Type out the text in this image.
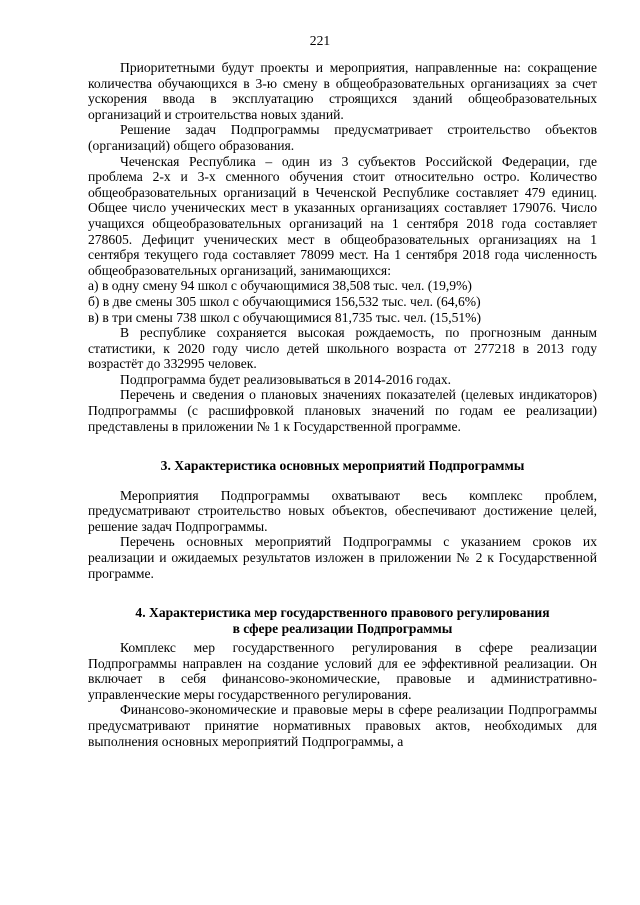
221

Приоритетными будут проекты и мероприятия, направленные на: сокращение количества обучающихся в 3-ю смену в общеобразовательных организациях за счет ускорения ввода в эксплуатацию строящихся зданий общеобразовательных организаций и строительства новых зданий.

Решение задач Подпрограммы предусматривает строительство объектов (организаций) общего образования.

Чеченская Республика – один из 3 субъектов Российской Федерации, где проблема 2-х и 3-х сменного обучения стоит относительно остро. Количество общеобразовательных организаций в Чеченской Республике составляет 479 единиц. Общее число ученических мест в указанных организациях составляет 179076. Число учащихся общеобразовательных организаций на 1 сентября 2018 года составляет 278605. Дефицит ученических мест в общеобразовательных организациях на 1 сентября текущего года составляет 78099 мест. На 1 сентября 2018 года численность общеобразовательных организаций, занимающихся:

а) в одну смену 94 школ с обучающимися 38,508 тыс. чел. (19,9%)

б) в две смены 305 школ с обучающимися 156,532 тыс. чел. (64,6%)

в) в три смены 738 школ с обучающимися 81,735 тыс. чел. (15,51%)

В республике сохраняется высокая рождаемость, по прогнозным данным статистики, к 2020 году число детей школьного возраста от 277218 в 2013 году возрастёт до 332995 человек.

Подпрограмма будет реализовываться в 2014-2016 годах.

Перечень и сведения о плановых значениях показателей (целевых индикаторов) Подпрограммы (с расшифровкой плановых значений по годам ее реализации) представлены в приложении № 1 к Государственной программе.

3. Характеристика основных мероприятий Подпрограммы

Мероприятия Подпрограммы охватывают весь комплекс проблем, предусматривают строительство новых объектов, обеспечивают достижение целей, решение задач Подпрограммы.

Перечень основных мероприятий Подпрограммы с указанием сроков их реализации и ожидаемых результатов изложен в приложении № 2 к Государственной программе.

4. Характеристика мер государственного правового регулирования
в сфере реализации Подпрограммы

Комплекс мер государственного регулирования в сфере реализации Подпрограммы направлен на создание условий для ее эффективной реализации. Он включает в себя финансово-экономические, правовые и административно-управленческие меры государственного регулирования.

Финансово-экономические и правовые меры в сфере реализации Подпрограммы предусматривают принятие нормативных правовых актов, необходимых для выполнения основных мероприятий Подпрограммы, а
